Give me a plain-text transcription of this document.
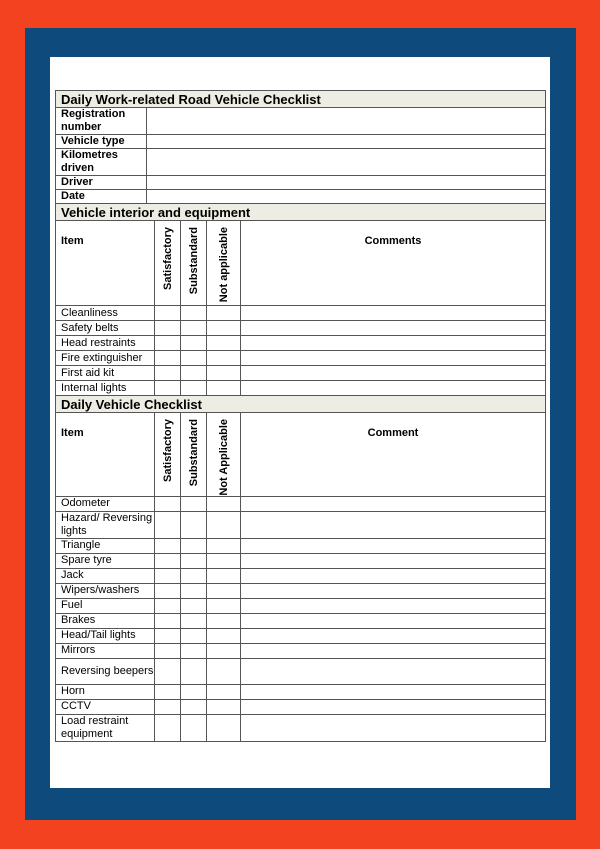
Daily Work-related Road Vehicle Checklist					
Registration number					
Vehicle type					
Kilometres driven					
Driver					
Date					
Vehicle interior and equipment					
Item		Satisfactory	Substandard	Not applicable	Comments
Cleanliness					
Safety belts					
Head restraints					
Fire extinguisher					
First aid kit					
Internal lights					
Daily Vehicle Checklist					
Item		Satisfactory	Substandard	Not Applicable	Comment
Odometer					
Hazard/ Reversing lights					
Triangle					
Spare tyre					
Jack					
Wipers/washers					
Fuel					
Brakes					
Head/Tail lights					
Mirrors					
Reversing beepers					
Horn					
CCTV					
Load restraint equipment					
